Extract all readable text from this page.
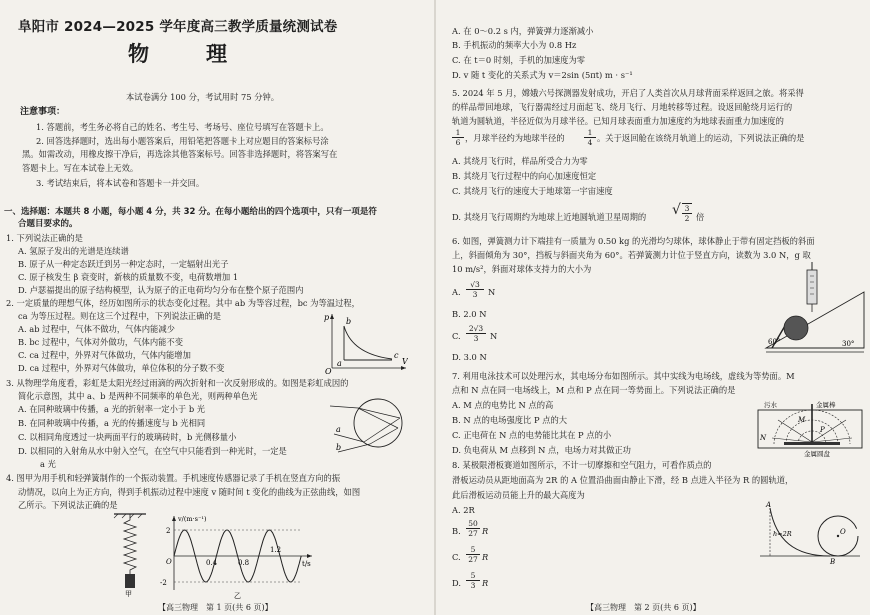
阜阳市 2024—2025 学年度高三教学质量统测试卷
物　理
本试卷满分 100 分，考试用时 75 分钟。
注意事项：
1. 答题前，考生务必将自己的姓名、考生号、考场号、座位号填写在答题卡上。
2. 回答选择题时，选出每小题答案后，用铅笔把答题卡上对应题目的答案标号涂
黑。如需改动，用橡皮擦干净后，再选涂其他答案标号。回答非选择题时，将答案写在
答题卡上。写在本试卷上无效。
3. 考试结束后，将本试卷和答题卡一并交回。
一、选择题：本题共 8 小题，每小题 4 分，共 32 分。在每小题给出的四个选项中，只有一项是符
合题目要求的。
1. 下列说法正确的是
A. 氢原子发出的光谱是连续谱
B. 原子从一种定态跃迁到另一种定态时，一定辐射出光子
C. 原子核发生 β 衰变时，新核的质量数不变，电荷数增加 1
D. 卢瑟福提出的原子结构模型，认为原子的正电荷均匀分布在整个原子范围内
2. 一定质量的理想气体，经历如图所示的状态变化过程。其中 ab 为等容过程，bc 为等温过程，
ca 为等压过程。则在这三个过程中，下列说法正确的是
A. ab 过程中，气体不做功，气体内能减少
B. bc 过程中，气体对外做功，气体内能不变
C. ca 过程中，外界对气体做功，气体内能增加
D. ca 过程中，外界对气体做功，单位体积的分子数不变
p
V
O
b
a
c
3. 从物理学角度看，彩虹是太阳光经过雨滴的两次折射和一次反射形成的。如图是彩虹成因的
简化示意图，其中 a、b 是两种不同频率的单色光，则两种单色光
A. 在同种玻璃中传播，a 光的折射率一定小于 b 光
B. 在同种玻璃中传播，a 光的传播速度与 b 光相同
C. 以相同角度透过一块两面平行的玻璃砖时，b 光侧移量小
D. 以相同的入射角从水中射入空气，在空气中只能看到一种光时，一定是
a 光
a
b
4. 图甲为用手机和轻弹簧制作的一个振动装置。手机速度传感器记录了手机在竖直方向的振
动情况，以向上为正方向，得到手机振动过程中速度 v 随时间 t 变化的曲线为正弦曲线，如图
乙所示。下列说法正确的是
甲
v/(m·s⁻¹)
t/s
2
-2
O	0.4	0.8
1.2
乙
【高三物理　第 1 页(共 6 页)】
A. 在 0～0.2 s 内，弹簧弹力逐渐减小
B. 手机振动的频率大小为 0.8 Hz
C. 在 t＝0 时刻，手机的加速度为零
D. v 随 t 变化的关系式为 v＝2sin (5πt) m · s⁻¹
5. 2024 年 5 月，嫦娥六号探测器发射成功，开启了人类首次从月球背面采样返回之旅。将采得
的样品带回地球，飞行器需经过月面起飞、绕月飞行、月地转移等过程。设返回舱绕月运行的
轨道为圆轨道，半径近似为月球半径。已知月球表面重力加速度约为地球表面重力加速度的
$\frac{1}{6}$ ，月球半径约为地球半径的	$\frac{1}{4}$ 。关于返回舱在该绕月轨道上的运动，下列说法正确的是
A. 其绕月飞行时，样品所受合力为零
B. 其绕月飞行过程中的向心加速度恒定
C. 其绕月飞行的速度大于地球第一宇宙速度
D. 其绕月飞行周期约为地球上近地圆轨道卫星周期的 √ $\frac{3}{2}$ 倍
6. 如图，弹簧测力计下端挂有一质量为 0.50 kg 的光滑均匀球体，球体静止于带有固定挡板的斜面
上，斜面倾角为 30°，挡板与斜面夹角为 60°。若弹簧测力计位于竖直方向，读数为 3.0 N，g 取
10 m/s²，斜面对球体支持力的大小为
A. $\frac{√3}{3}$ N
B. 2.0 N
C. $\frac{2√3}{3}$ N
D. 3.0 N
60°	30°
7. 利用电泳技术可以处理污水，其电场分布如图所示。其中实线为电场线，虚线为等势面。M
点和 N 点在同一电场线上，M 点和 P 点在同一等势面上。下列说法正确的是
A. M 点的电势比 N 点的高
B. N 点的电场强度比 P 点的大
C. 正电荷在 N 点的电势能比其在 P 点的小
D. 负电荷从 M 点移到 N 点，电场力对其做正功
污水	金属棒
金属圆盘
M
N
P
8. 某极限滑板赛道如图所示，不计一切摩擦和空气阻力，可看作质点的
滑板运动员从距地面高为 2R 的 A 位置沿曲面由静止下滑，经 B 点进入半径为 R 的圆轨道，
此后滑板运动员能上升的最大高度为
A. 2R
B. $\frac{50}{27}$ R
C. $\frac{5}{27}$ R
D. $\frac{5}{3}$ R
A
B
O
h=2R
【高三物理　第 2 页(共 6 页)】
